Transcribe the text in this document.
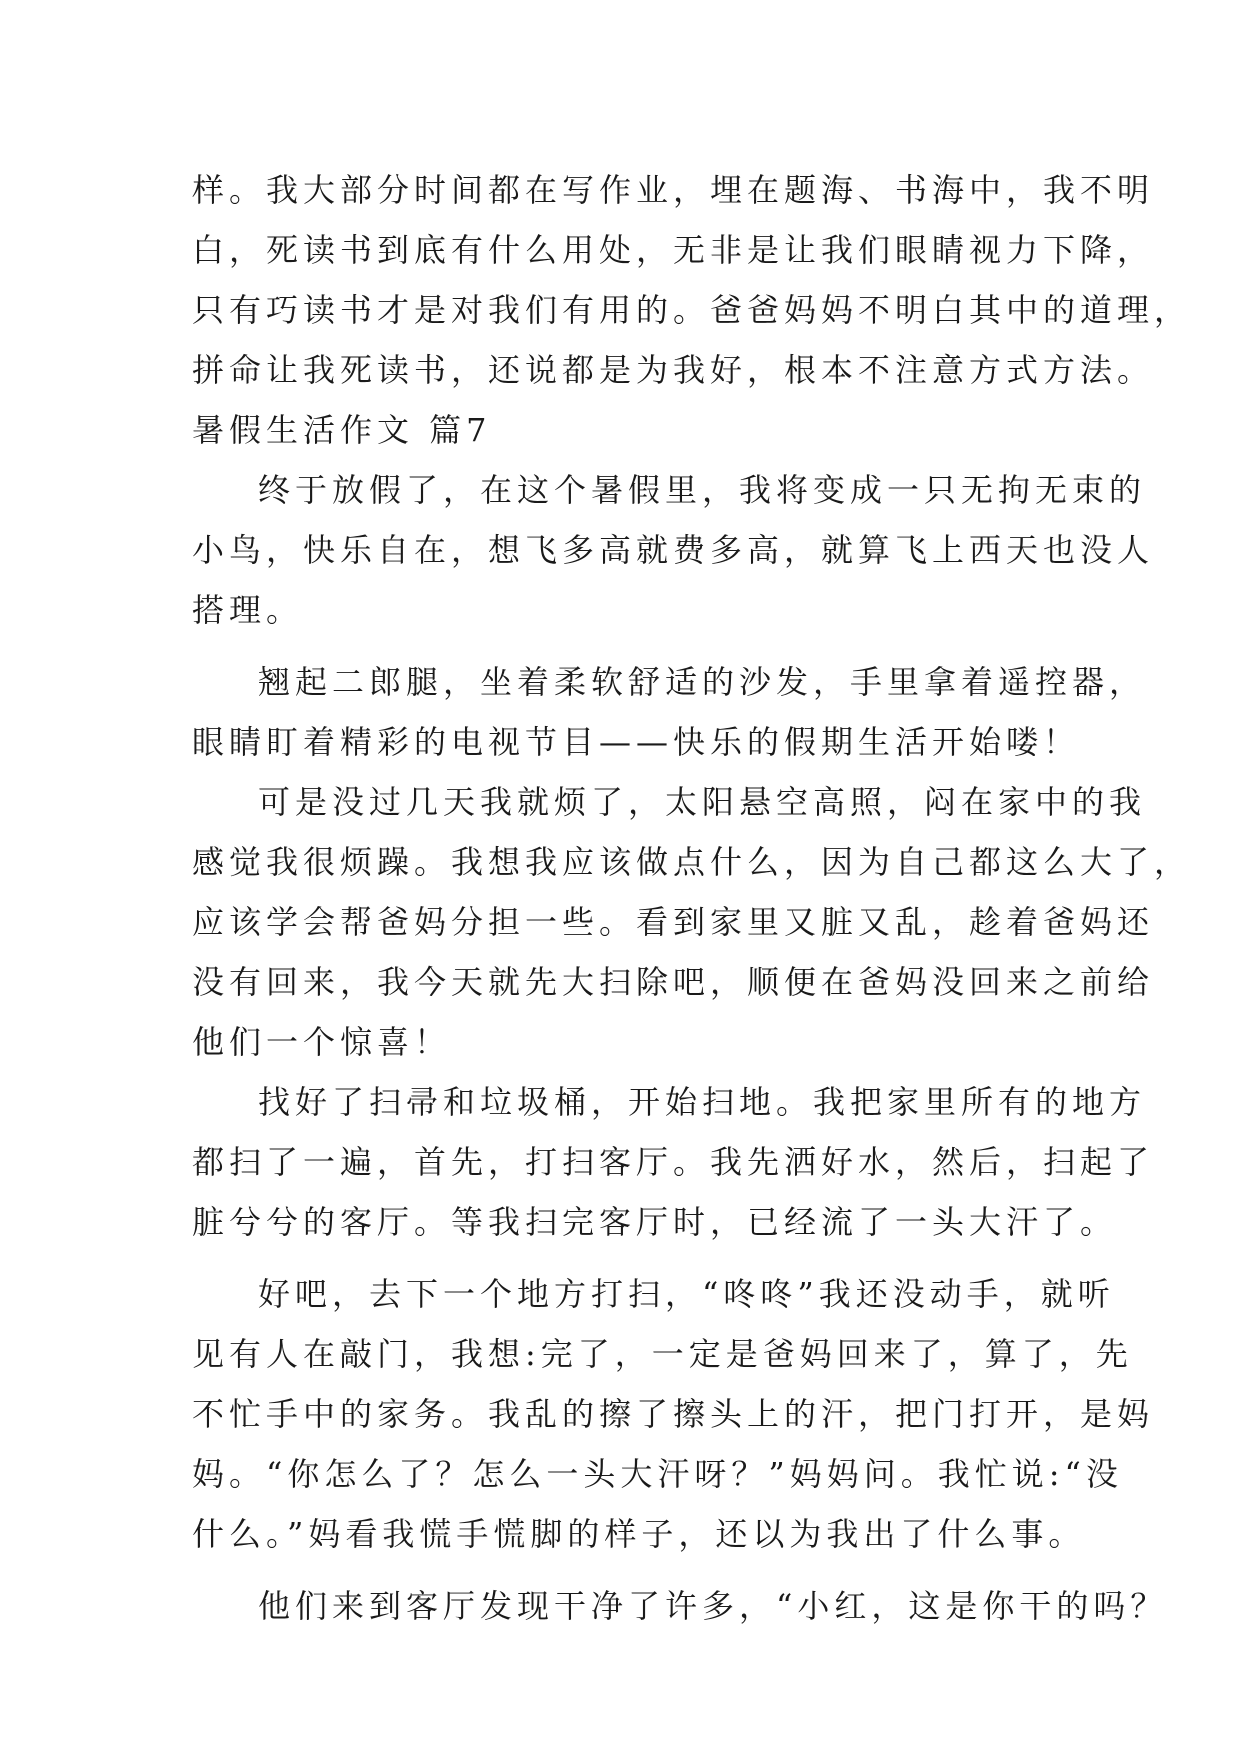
样。我大部分时间都在写作业，埋在题海、书海中，我不明
白，死读书到底有什么用处，无非是让我们眼睛视力下降，
只有巧读书才是对我们有用的。爸爸妈妈不明白其中的道理，
拼命让我死读书，还说都是为我好，根本不注意方式方法。
暑假生活作文 篇7
终于放假了，在这个暑假里，我将变成一只无拘无束的
小鸟，快乐自在，想飞多高就费多高，就算飞上西天也没人
搭理。
翘起二郎腿，坐着柔软舒适的沙发，手里拿着遥控器，
眼睛盯着精彩的电视节目——快乐的假期生活开始喽！
可是没过几天我就烦了，太阳悬空高照，闷在家中的我
感觉我很烦躁。我想我应该做点什么，因为自己都这么大了，
应该学会帮爸妈分担一些。看到家里又脏又乱，趁着爸妈还
没有回来，我今天就先大扫除吧，顺便在爸妈没回来之前给
他们一个惊喜！
找好了扫帚和垃圾桶，开始扫地。我把家里所有的地方
都扫了一遍，首先，打扫客厅。我先洒好水，然后，扫起了
脏兮兮的客厅。等我扫完客厅时，已经流了一头大汗了。
好吧，去下一个地方打扫，“咚咚”我还没动手，就听
见有人在敲门，我想:完了，一定是爸妈回来了，算了，先
不忙手中的家务。我乱的擦了擦头上的汗，把门打开，是妈
妈。“你怎么了？怎么一头大汗呀？”妈妈问。我忙说:“没
什么。”妈看我慌手慌脚的样子，还以为我出了什么事。
他们来到客厅发现干净了许多，“小红，这是你干的吗？
